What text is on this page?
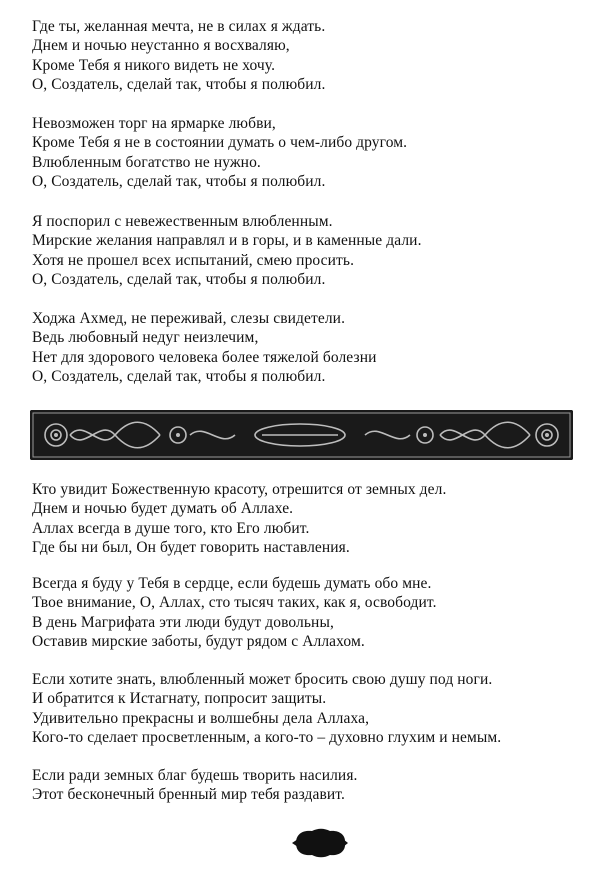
Где ты, желанная мечта, не в силах я ждать.
Днем и ночью неустанно я восхваляю,
Кроме Тебя я никого видеть не хочу.
О, Создатель, сделай так, чтобы я полюбил.
Невозможен торг на ярмарке любви,
Кроме Тебя я не в состоянии думать о чем-либо другом.
Влюбленным богатство не нужно.
О, Создатель, сделай так, чтобы я полюбил.
Я поспорил с невежественным влюбленным.
Мирские желания направлял и в горы, и в каменные дали.
Хотя не прошел всех испытаний, смею просить.
О, Создатель, сделай так, чтобы я полюбил.
Ходжа Ахмед, не переживай, слезы свидетели.
Ведь любовный недуг неизлечим,
Нет для здорового человека более тяжелой болезни
О, Создатель, сделай так, чтобы я полюбил.
Кто увидит Божественную красоту, отрешится от земных дел.
Днем и ночью будет думать об Аллахе.
Аллах всегда в душе того, кто Его любит.
Где бы ни был, Он будет говорить наставления.
Всегда я буду у Тебя в сердце, если будешь думать обо мне.
Твое внимание, О, Аллах, сто тысяч таких, как я, освободит.
В день Магрифата эти люди будут довольны,
Оставив мирские заботы, будут рядом с Аллахом.
Если хотите знать, влюбленный может бросить свою душу под ноги.
И обратится к Истагнату, попросит защиты.
Удивительно прекрасны и волшебны дела Аллаха,
Кого-то сделает просветленным, а кого-то – духовно глухим и немым.
Если ради земных благ будешь творить насилия.
Этот бесконечный бренный мир тебя раздавит.
